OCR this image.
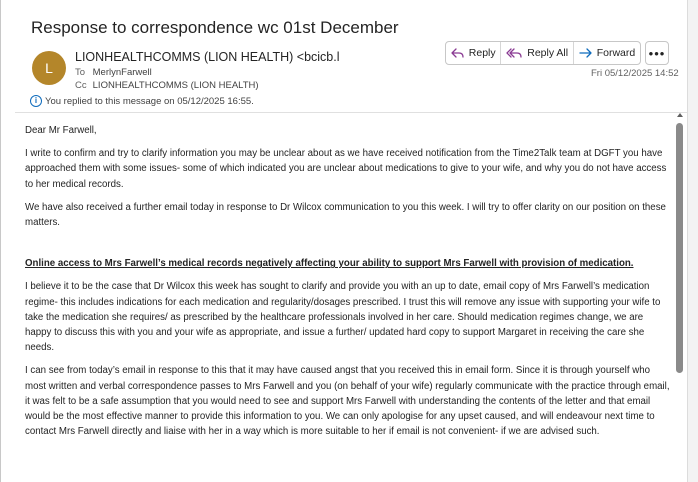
Response to correspondence wc 01st December
L
LIONHEALTHCOMMS (LION HEALTH) <bcicb.l
To MerlynFarwell
Cc LIONHEALTHCOMMS (LION HEALTH)
i You replied to this message on 05/12/2025 16:55.
Reply	Reply All	Forward •••
Fri 05/12/2025 14:52

Dear Mr Farwell,

I write to confirm and try to clarify information you may be unclear about as we have received notification from the Time2Talk team at DGFT you have approached them with some issues- some of which indicated you are unclear about medications to give to your wife, and why you do not have access to her medical records.

We have also received a further email today in response to Dr Wilcox communication to you this week. I will try to offer clarity on our position on these matters.

Online access to Mrs Farwell’s medical records negatively affecting your ability to support Mrs Farwell with provision of medication.

I believe it to be the case that Dr Wilcox this week has sought to clarify and provide you with an up to date, email copy of Mrs Farwell’s medication regime- this includes indications for each medication and regularity/dosages prescribed. I trust this will remove any issue with supporting your wife to take the medication she requires/ as prescribed by the healthcare professionals involved in her care. Should medication regimes change, we are happy to discuss this with you and your wife as appropriate, and issue a further/ updated hard copy to support Margaret in receiving the care she needs.

I can see from today’s email in response to this that it may have caused angst that you received this in email form. Since it is through yourself who most written and verbal correspondence passes to Mrs Farwell and you (on behalf of your wife) regularly communicate with the practice through email, it was felt to be a safe assumption that you would need to see and support Mrs Farwell with understanding the contents of the letter and that email would be the most effective manner to provide this information to you. We can only apologise for any upset caused, and will endeavour next time to contact Mrs Farwell directly and liaise with her in a way which is more suitable to her if email is not convenient- if we are advised such.
